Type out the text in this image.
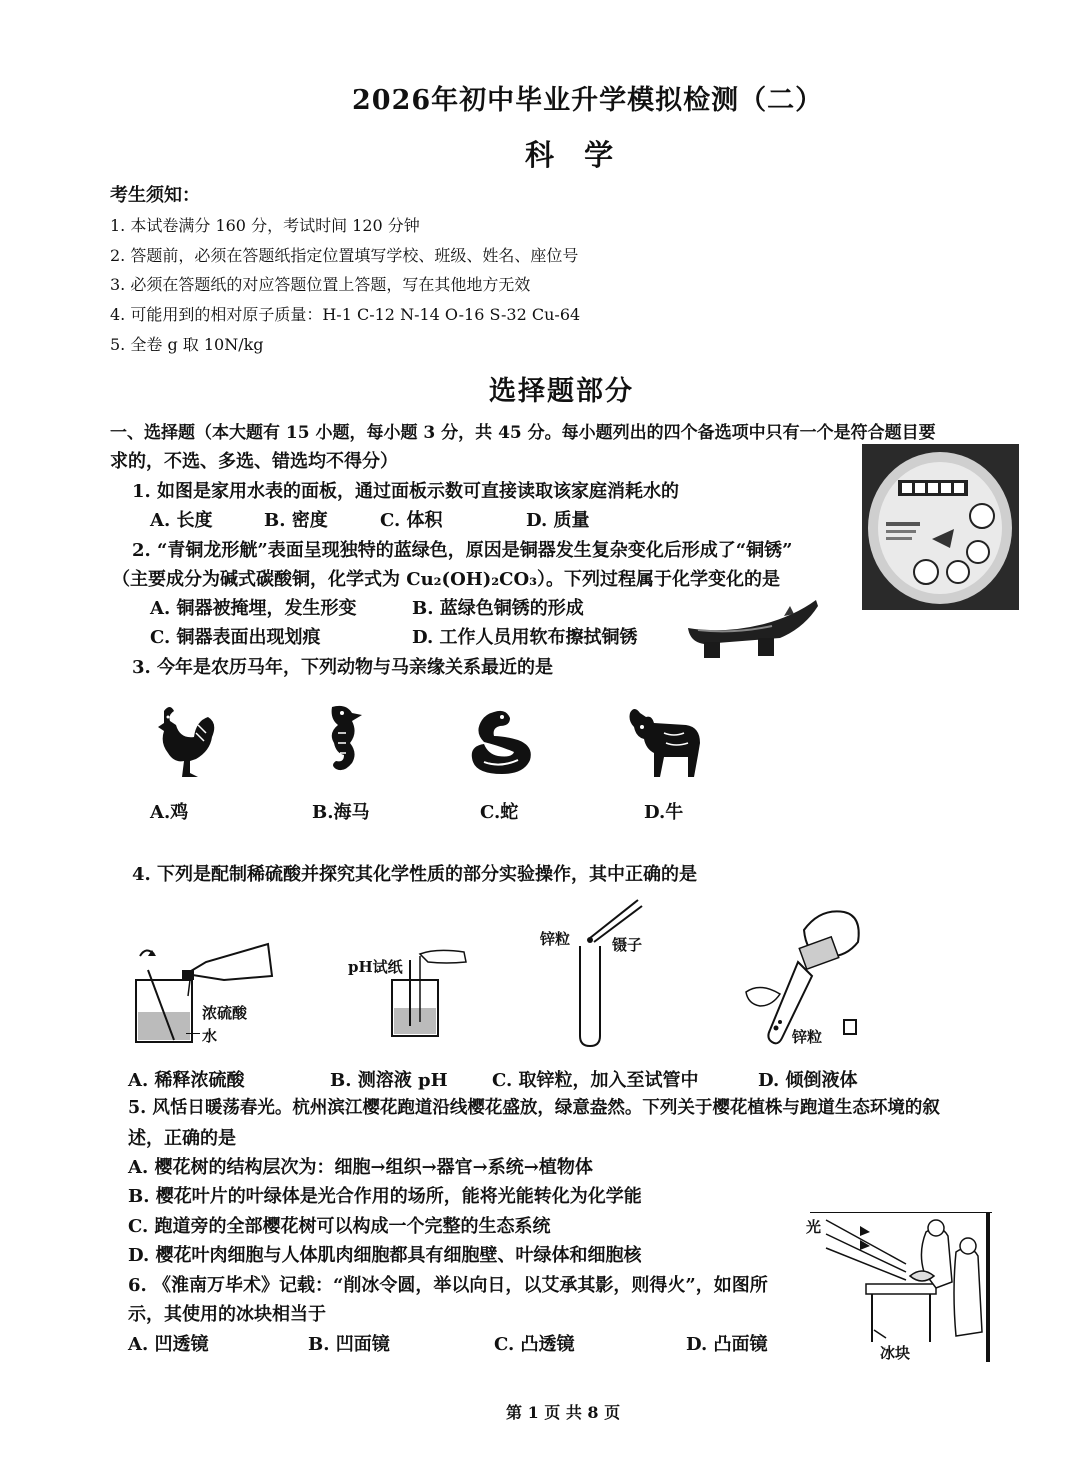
2026年初中毕业升学模拟检测（二）
科 学
考生须知：
1. 本试卷满分 160 分，考试时间 120 分钟
2. 答题前，必须在答题纸指定位置填写学校、班级、姓名、座位号
3. 必须在答题纸的对应答题位置上答题，写在其他地方无效
4. 可能用到的相对原子质量：H-1 C-12 N-14 O-16 S-32 Cu-64
5. 全卷 g 取 10N/kg
选择题部分
一、选择题（本大题有 15 小题，每小题 3 分，共 45 分。每小题列出的四个备选项中只有一个是符合题目要
求的，不选、多选、错选均不得分）
1. 如图是家用水表的面板，通过面板示数可直接读取该家庭消耗水的
A. 长度	B. 密度	C. 体积	D. 质量
2. “青铜龙形觥”表面呈现独特的蓝绿色，原因是铜器发生复杂变化后形成了“铜锈”
（主要成分为碱式碳酸铜，化学式为 Cu₂(OH)₂CO₃）。下列过程属于化学变化的是
A. 铜器被掩埋，发生形变	B. 蓝绿色铜锈的形成
C. 铜器表面出现划痕	D. 工作人员用软布擦拭铜锈
3. 今年是农历马年，下列动物与马亲缘关系最近的是
A.鸡	B.海马	C.蛇	D.牛
4. 下列是配制稀硫酸并探究其化学性质的部分实验操作，其中正确的是
浓硫酸
水
pH试纸
锌粒	镊子
锌粒
A. 稀释浓硫酸	B. 测溶液 pH C. 取锌粒，加入至试管中	D. 倾倒液体
5. 风恬日暖荡春光。杭州滨江樱花跑道沿线樱花盛放，绿意盎然。下列关于樱花植株与跑道生态环境的叙
述，正确的是
A. 樱花树的结构层次为：细胞→组织→器官→系统→植物体
B. 樱花叶片的叶绿体是光合作用的场所，能将光能转化为化学能
C. 跑道旁的全部樱花树可以构成一个完整的生态系统
D. 樱花叶肉细胞与人体肌肉细胞都具有细胞壁、叶绿体和细胞核
光
冰块
6. 《淮南万毕术》记载：“削冰令圆，举以向日，以艾承其影，则得火”，如图所
示，其使用的冰块相当于
A. 凹透镜	B. 凹面镜	C. 凸透镜	D. 凸面镜
第 1 页 共 8 页
